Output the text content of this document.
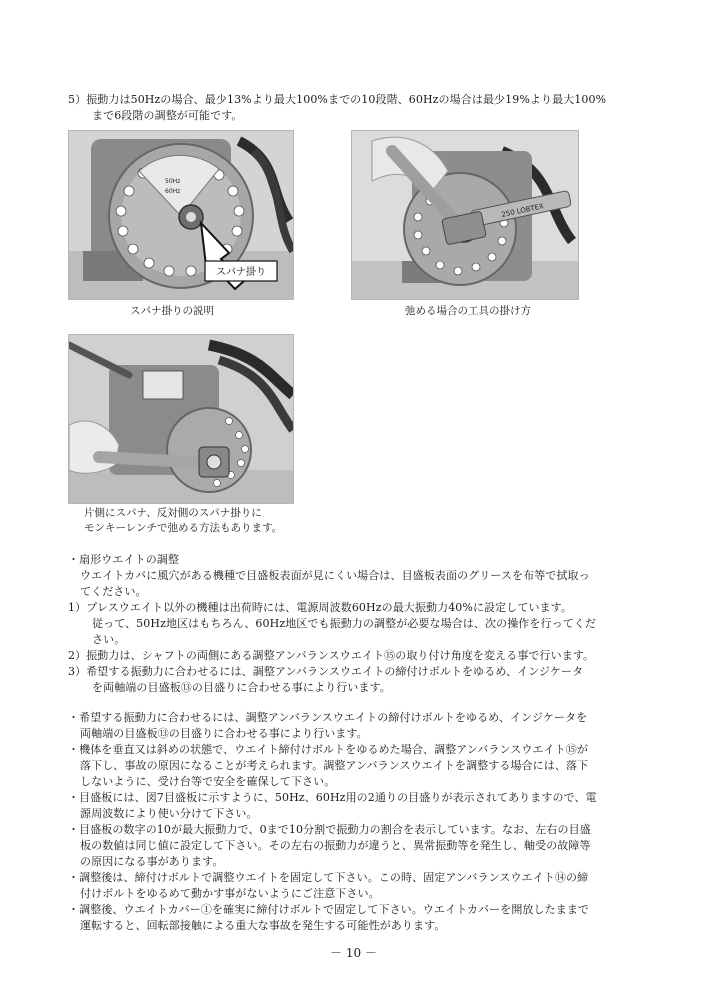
5）振動力は50Hzの場合、最少13%より最大100%までの10段階、60Hzの場合は最少19%より最大100%
まで6段階の調整が可能です。
50Hz
60Hz
スパナ掛り
スパナ掛りの説明
250 LOBTEX
弛める場合の工具の掛け方
片側にスパナ、反対側のスパナ掛りに
モンキーレンチで弛める方法もあります。
・扇形ウエイトの調整
ウエイトカバに風穴がある機種で目盛板表面が見にくい場合は、目盛板表面のグリースを布等で拭取っ
てください。
1）プレスウエイト以外の機種は出荷時には、電源周波数60Hzの最大振動力40%に設定しています。
従って、50Hz地区はもちろん、60Hz地区でも振動力の調整が必要な場合は、次の操作を行ってくだ
さい。
2）振動力は、シャフトの両側にある調整アンバランスウエイト⑮の取り付け角度を変える事で行います。
3）希望する振動力に合わせるには、調整アンバランスウエイトの締付けボルトをゆるめ、インジケータ
を両軸端の目盛板⑬の目盛りに合わせる事により行います。
・希望する振動力に合わせるには、調整アンバランスウエイトの締付けボルトをゆるめ、インジケータを
両軸端の目盛板⑬の目盛りに合わせる事により行います。
・機体を垂直又は斜めの状態で、ウエイト締付けボルトをゆるめた場合、調整アンバランスウエイト⑮が
落下し、事故の原因になることが考えられます。調整アンバランスウエイトを調整する場合には、落下
しないように、受け台等で安全を確保して下さい。
・目盛板には、図7目盛板に示すように、50Hz、60Hz用の2通りの目盛りが表示されてありますので、電
源周波数により使い分けて下さい。
・目盛板の数字の10が最大振動力で、0まで10分割で振動力の割合を表示しています。なお、左右の目盛
板の数値は同じ値に設定して下さい。その左右の振動力が違うと、異常振動等を発生し、軸受の故障等
の原因になる事があります。
・調整後は、締付けボルトで調整ウエイトを固定して下さい。この時、固定アンバランスウエイト⑭の締
付けボルトをゆるめて動かす事がないようにご注意下さい。
・調整後、ウエイトカバー①を確実に締付けボルトで固定して下さい。ウエイトカバーを開放したままで
運転すると、回転部接触による重大な事故を発生する可能性があります。
－ 10 －
